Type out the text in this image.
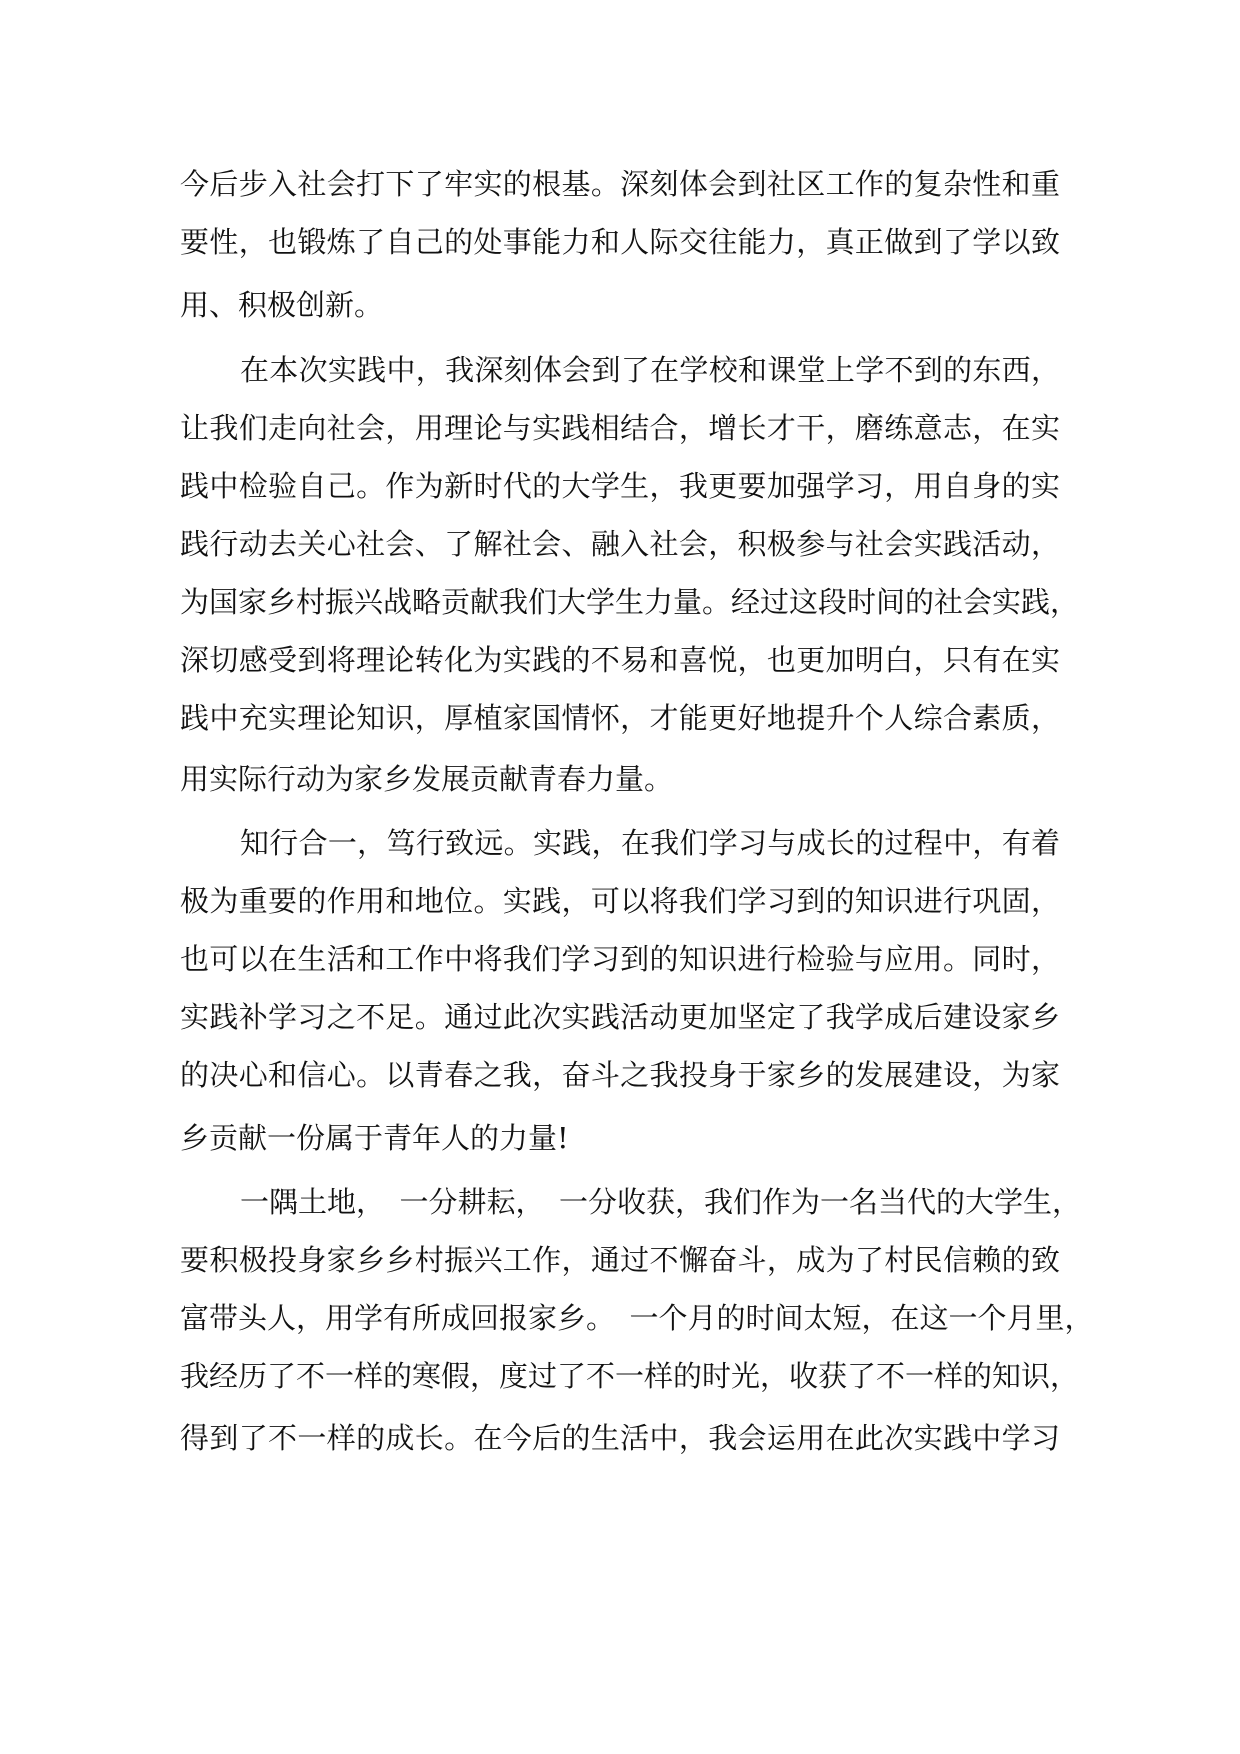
今后步入社会打下了牢实的根基。深刻体会到社区工作的复杂性和重
要性，也锻炼了自己的处事能力和人际交往能力，真正做到了学以致
用、积极创新。
在本次实践中，我深刻体会到了在学校和课堂上学不到的东西，
让我们走向社会，用理论与实践相结合，增长才干，磨练意志，在实
践中检验自己。作为新时代的大学生，我更要加强学习，用自身的实
践行动去关心社会、了解社会、融入社会，积极参与社会实践活动，
为国家乡村振兴战略贡献我们大学生力量。经过这段时间的社会实践，
深切感受到将理论转化为实践的不易和喜悦，也更加明白，只有在实
践中充实理论知识，厚植家国情怀，才能更好地提升个人综合素质，
用实际行动为家乡发展贡献青春力量。
知行合一，笃行致远。实践，在我们学习与成长的过程中，有着
极为重要的作用和地位。实践，可以将我们学习到的知识进行巩固，
也可以在生活和工作中将我们学习到的知识进行检验与应用。同时，
实践补学习之不足。通过此次实践活动更加坚定了我学成后建设家乡
的决心和信心。以青春之我，奋斗之我投身于家乡的发展建设，为家
乡贡献一份属于青年人的力量!
一隅土地，　一分耕耘，　一分收获，我们作为一名当代的大学生，
要积极投身家乡乡村振兴工作，通过不懈奋斗，成为了村民信赖的致
富带头人，用学有所成回报家乡。　一个月的时间太短，在这一个月里，
我经历了不一样的寒假，度过了不一样的时光，收获了不一样的知识，
得到了不一样的成长。在今后的生活中，我会运用在此次实践中学习
